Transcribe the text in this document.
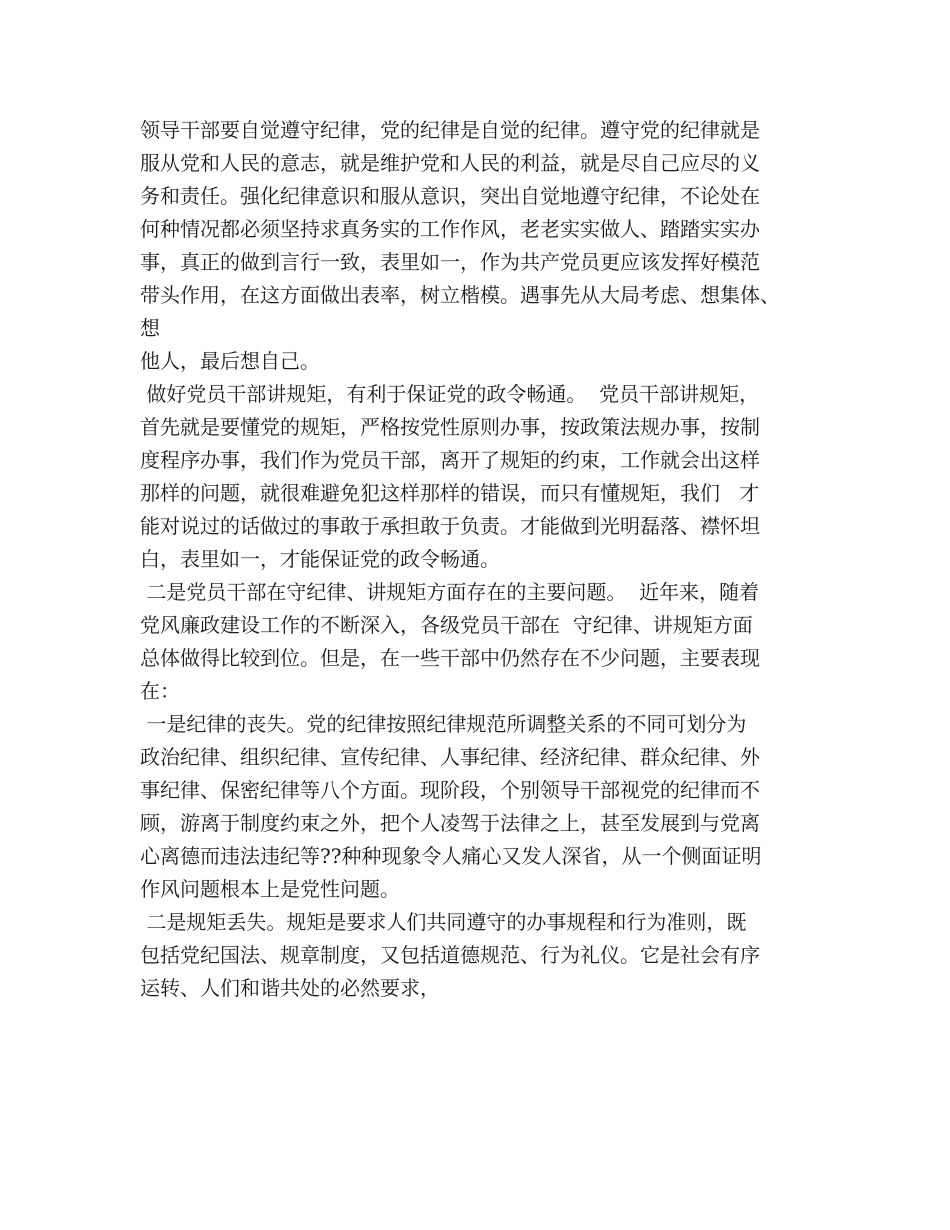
领导干部要自觉遵守纪律，党的纪律是自觉的纪律。遵守党的纪律就是
服从党和人民的意志，就是维护党和人民的利益，就是尽自己应尽的义
务和责任。强化纪律意识和服从意识，突出自觉地遵守纪律，不论处在
何种情况都必须坚持求真务实的工作作风，老老实实做人、踏踏实实办
事，真正的做到言行一致，表里如一，作为共产党员更应该发挥好模范
带头作用，在这方面做出表率，树立楷模。遇事先从大局考虑、想集体、
想
他人，最后想自己。
做好党员干部讲规矩，有利于保证党的政令畅通。  党员干部讲规矩，
首先就是要懂党的规矩，严格按党性原则办事，按政策法规办事，按制
度程序办事，我们作为党员干部，离开了规矩的约束，工作就会出这样
那样的问题，就很难避免犯这样那样的错误，而只有懂规矩，我们   才
能对说过的话做过的事敢于承担敢于负责。才能做到光明磊落、襟怀坦
白，表里如一，才能保证党的政令畅通。
二是党员干部在守纪律、讲规矩方面存在的主要问题。  近年来，随着
党风廉政建设工作的不断深入，各级党员干部在  守纪律、讲规矩方面
总体做得比较到位。但是，在一些干部中仍然存在不少问题，主要表现
在：
一是纪律的丧失。党的纪律按照纪律规范所调整关系的不同可划分为
政治纪律、组织纪律、宣传纪律、人事纪律、经济纪律、群众纪律、外
事纪律、保密纪律等八个方面。现阶段，个别领导干部视党的纪律而不
顾，游离于制度约束之外，把个人凌驾于法律之上，甚至发展到与党离
心离德而违法违纪等??种种现象令人痛心又发人深省，从一个侧面证明
作风问题根本上是党性问题。
二是规矩丢失。规矩是要求人们共同遵守的办事规程和行为准则，既
包括党纪国法、规章制度，又包括道德规范、行为礼仪。它是社会有序
运转、人们和谐共处的必然要求，
